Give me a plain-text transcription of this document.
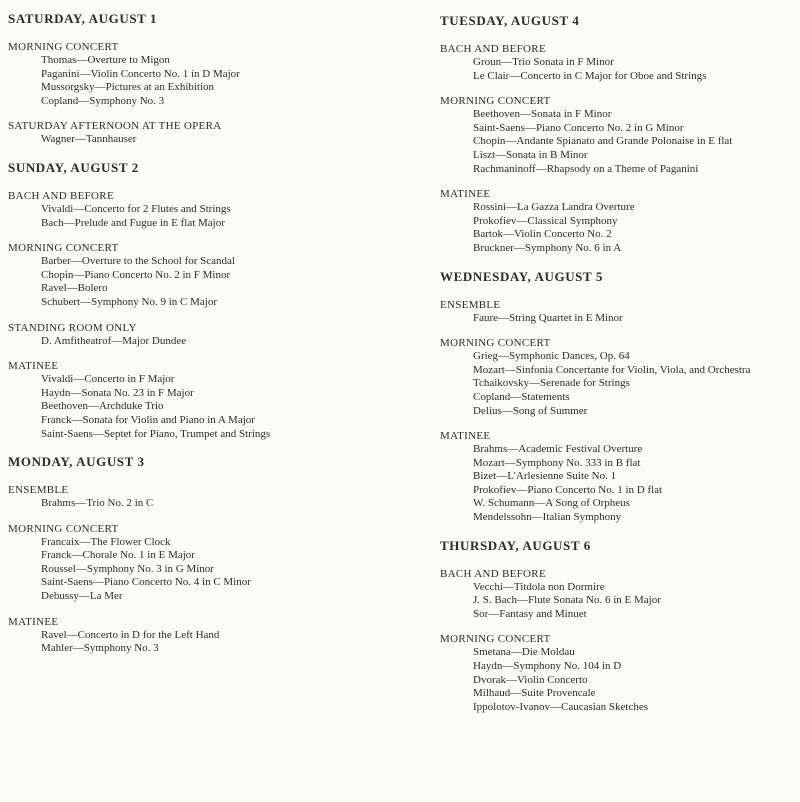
SATURDAY, AUGUST 1
MORNING CONCERT
Thomas—Overture to Migon
Paganini—Violin Concerto No. 1 in D Major
Mussorgsky—Pictures at an Exhibition
Copland—Symphony No. 3
SATURDAY AFTERNOON AT THE OPERA
Wagner—Tannhauser
SUNDAY, AUGUST 2
BACH AND BEFORE
Vivaldi—Concerto for 2 Flutes and Strings
Bach—Prelude and Fugue in E flat Major
MORNING CONCERT
Barber—Overture to the School for Scandal
Chopin—Piano Concerto No. 2 in F Minor
Ravel—Bolero
Schubert—Symphony No. 9 in C Major
STANDING ROOM ONLY
D. Amfitheatrof—Major Dundee
MATINEE
Vivaldi—Concerto in F Major
Haydn—Sonata No. 23 in F Major
Beethoven—Archduke Trio
Franck—Sonata for Violin and Piano in A Major
Saint-Saens—Septet for Piano, Trumpet and Strings
MONDAY, AUGUST 3
ENSEMBLE
Brahms—Trio No. 2 in C
MORNING CONCERT
Francaix—The Flower Clock
Franck—Chorale No. 1 in E Major
Roussel—Symphony No. 3 in G Minor
Saint-Saens—Piano Concerto No. 4 in C Minor
Debussy—La Mer
MATINEE
Ravel—Concerto in D for the Left Hand
Mahler—Symphony No. 3
TUESDAY, AUGUST 4
BACH AND BEFORE
Groun—Trio Sonata in F Minor
Le Clair—Concerto in C Major for Oboe and Strings
MORNING CONCERT
Beethoven—Sonata in F Minor
Saint-Saens—Piano Concerto No. 2 in G Minor
Chopin—Andante Spianato and Grande Polonaise in E flat
Liszt—Sonata in B Minor
Rachmaninoff—Rhapsody on a Theme of Paganini
MATINEE
Rossini—La Gazza Landra Overture
Prokofiev—Classical Symphony
Bartok—Violin Concerto No. 2
Bruckner—Symphony No. 6 in A
WEDNESDAY, AUGUST 5
ENSEMBLE
Faure—String Quartet in E Minor
MORNING CONCERT
Grieg—Symphonic Dances, Op. 64
Mozart—Sinfonia Concertante for Violin, Viola, and Orchestra
Tchaikovsky—Serenade for Strings
Copland—Statements
Delius—Song of Summer
MATINEE
Brahms—Academic Festival Overture
Mozart—Symphony No. 333 in B flat
Bizet—L'Arlesienne Suite No. 1
Prokofiev—Piano Concerto No. 1 in D flat
W. Schumann—A Song of Orpheus
Mendelssohn—Italian Symphony
THURSDAY, AUGUST 6
BACH AND BEFORE
Vecchi—Titdola non Dormire
J. S. Bach—Flute Sonata No. 6 in E Major
Sor—Fantasy and Minuet
MORNING CONCERT
Smetana—Die Moldau
Haydn—Symphony No. 104 in D
Dvorak—Violin Concerto
Milhaud—Suite Provencale
Ippolotov-Ivanov—Caucasian Sketches
